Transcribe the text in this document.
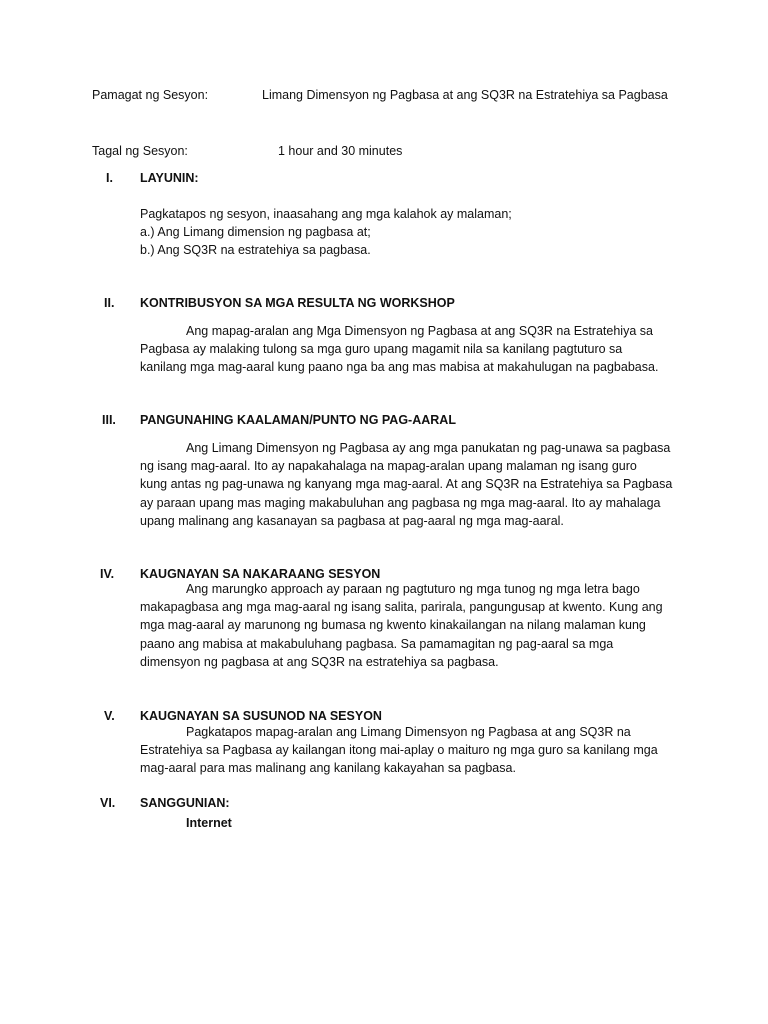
Pamagat ng Sesyon:	Limang Dimensyon ng Pagbasa at ang SQ3R na Estratehiya sa Pagbasa
Tagal ng Sesyon:	1 hour and 30 minutes
I. LAYUNIN:
Pagkatapos ng sesyon, inaasahang ang mga kalahok ay malaman;
a.) Ang Limang dimension ng pagbasa at;
b.) Ang SQ3R na estratehiya sa pagbasa.
II. KONTRIBUSYON SA MGA RESULTA NG WORKSHOP
Ang mapag-aralan ang Mga Dimensyon ng Pagbasa at ang SQ3R na Estratehiya sa
Pagbasa ay malaking tulong sa mga guro upang magamit nila sa kanilang pagtuturo sa
kanilang mga mag-aaral kung paano nga ba ang mas mabisa at makahulugan na pagbabasa.
III. PANGUNAHING KAALAMAN/PUNTO NG PAG-AARAL
Ang Limang Dimensyon ng Pagbasa ay ang mga panukatan ng pag-unawa sa pagbasa
ng isang mag-aaral. Ito ay napakahalaga na mapag-aralan upang malaman ng isang guro
kung antas ng pag-unawa ng kanyang mga mag-aaral. At ang SQ3R na Estratehiya sa Pagbasa
ay paraan upang mas maging makabuluhan ang pagbasa ng mga mag-aaral. Ito ay mahalaga
upang malinang ang kasanayan sa pagbasa at pag-aaral ng mga mag-aaral.
IV. KAUGNAYAN SA NAKARAANG SESYON
Ang marungko approach ay paraan ng pagtuturo ng mga tunog ng mga letra bago
makapagbasa ang mga mag-aaral ng isang salita, parirala, pangungusap at kwento. Kung ang
mga mag-aaral ay marunong ng bumasa ng kwento kinakailangan na nilang malaman kung
paano ang mabisa at makabuluhang pagbasa. Sa pamamagitan ng pag-aaral sa mga
dimensyon ng pagbasa at ang SQ3R na estratehiya sa pagbasa.
V. KAUGNAYAN SA SUSUNOD NA SESYON
Pagkatapos mapag-aralan ang Limang Dimensyon ng Pagbasa at ang SQ3R na
Estratehiya sa Pagbasa ay kailangan itong mai-aplay o maituro ng mga guro sa kanilang mga
mag-aaral para mas malinang ang kanilang kakayahan sa pagbasa.
VI. SANGGUNIAN:
Internet
